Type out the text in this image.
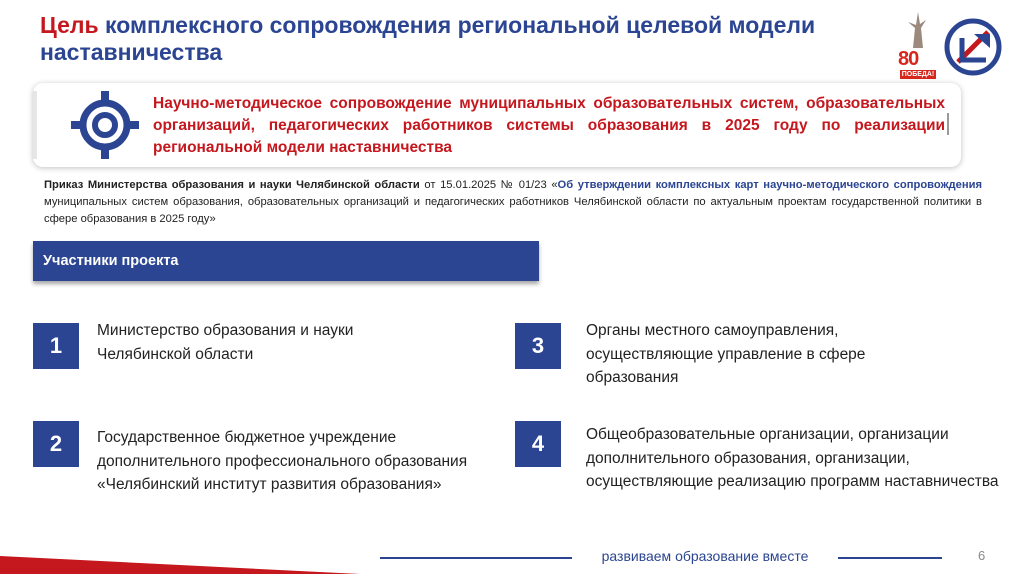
Цель комплексного сопровождения региональной целевой модели наставничества	80
ПОБЕДА!
Научно-методическое сопровождение муниципальных образовательных систем, образовательных организаций, педагогических работников системы образования в 2025 году по реализации региональной модели наставничества
Приказ Министерства образования и науки Челябинской области от 15.01.2025 № 01/23 «Об утверждении комплексных карт научно-методического сопровождения муниципальных систем образования, образовательных организаций и педагогических работников Челябинской области по актуальным проектам государственной политики в сфере образования в 2025 году»
Участники проекта
1
Министерство образования и науки Челябинской области
2	Государственное бюджетное учреждение дополнительного профессионального образования «Челябинский институт развития образования»
3
Органы местного самоуправления, осуществляющие управление в сфере образования
4	Общеобразовательные организации, организации дополнительного образования, организации, осуществляющие реализацию программ наставничества
развиваем образование вместе	6
